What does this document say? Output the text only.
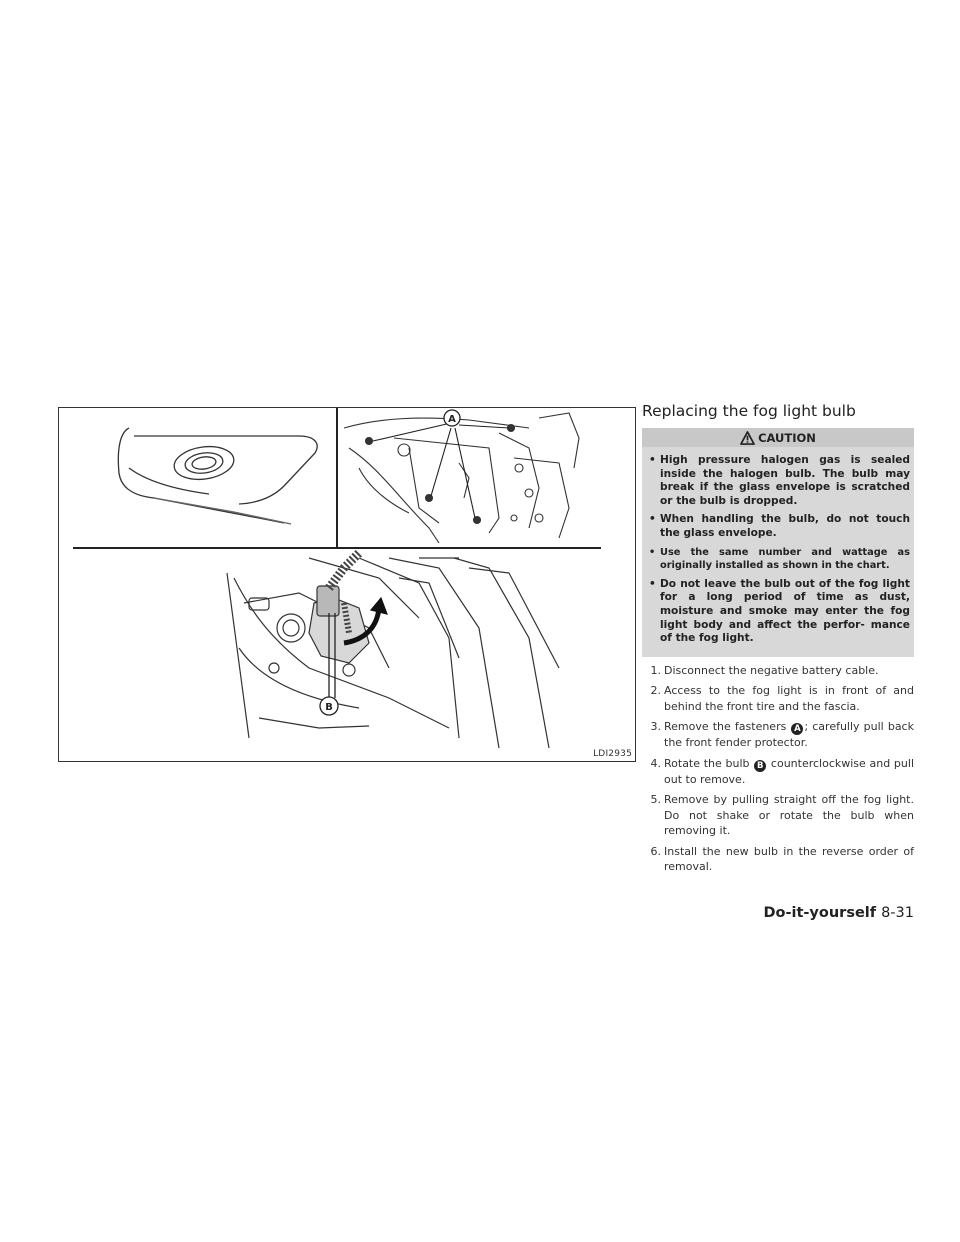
A
B
LDI2935
Replacing the fog light bulb
CAUTION
• High pressure halogen gas is sealed inside the halogen bulb. The bulb may break if the glass envelope is scratched or the bulb is dropped.
• When handling the bulb, do not touch the glass envelope.
• Use the same number and wattage as originally installed as shown in the chart.
• Do not leave the bulb out of the fog light for a long period of time as dust, moisture and smoke may enter the fog light body and affect the perfor- mance of the fog light.
1. Disconnect the negative battery cable.
2. Access to the fog light is in front of and behind the front tire and the fascia.
3. Remove the fasteners A ; carefully pull back the front fender protector.
4. Rotate the bulb B counterclockwise and pull out to remove.
5. Remove by pulling straight off the fog light. Do not shake or rotate the bulb when removing it.
6. Install the new bulb in the reverse order of removal.
Do-it-yourself 8-31
